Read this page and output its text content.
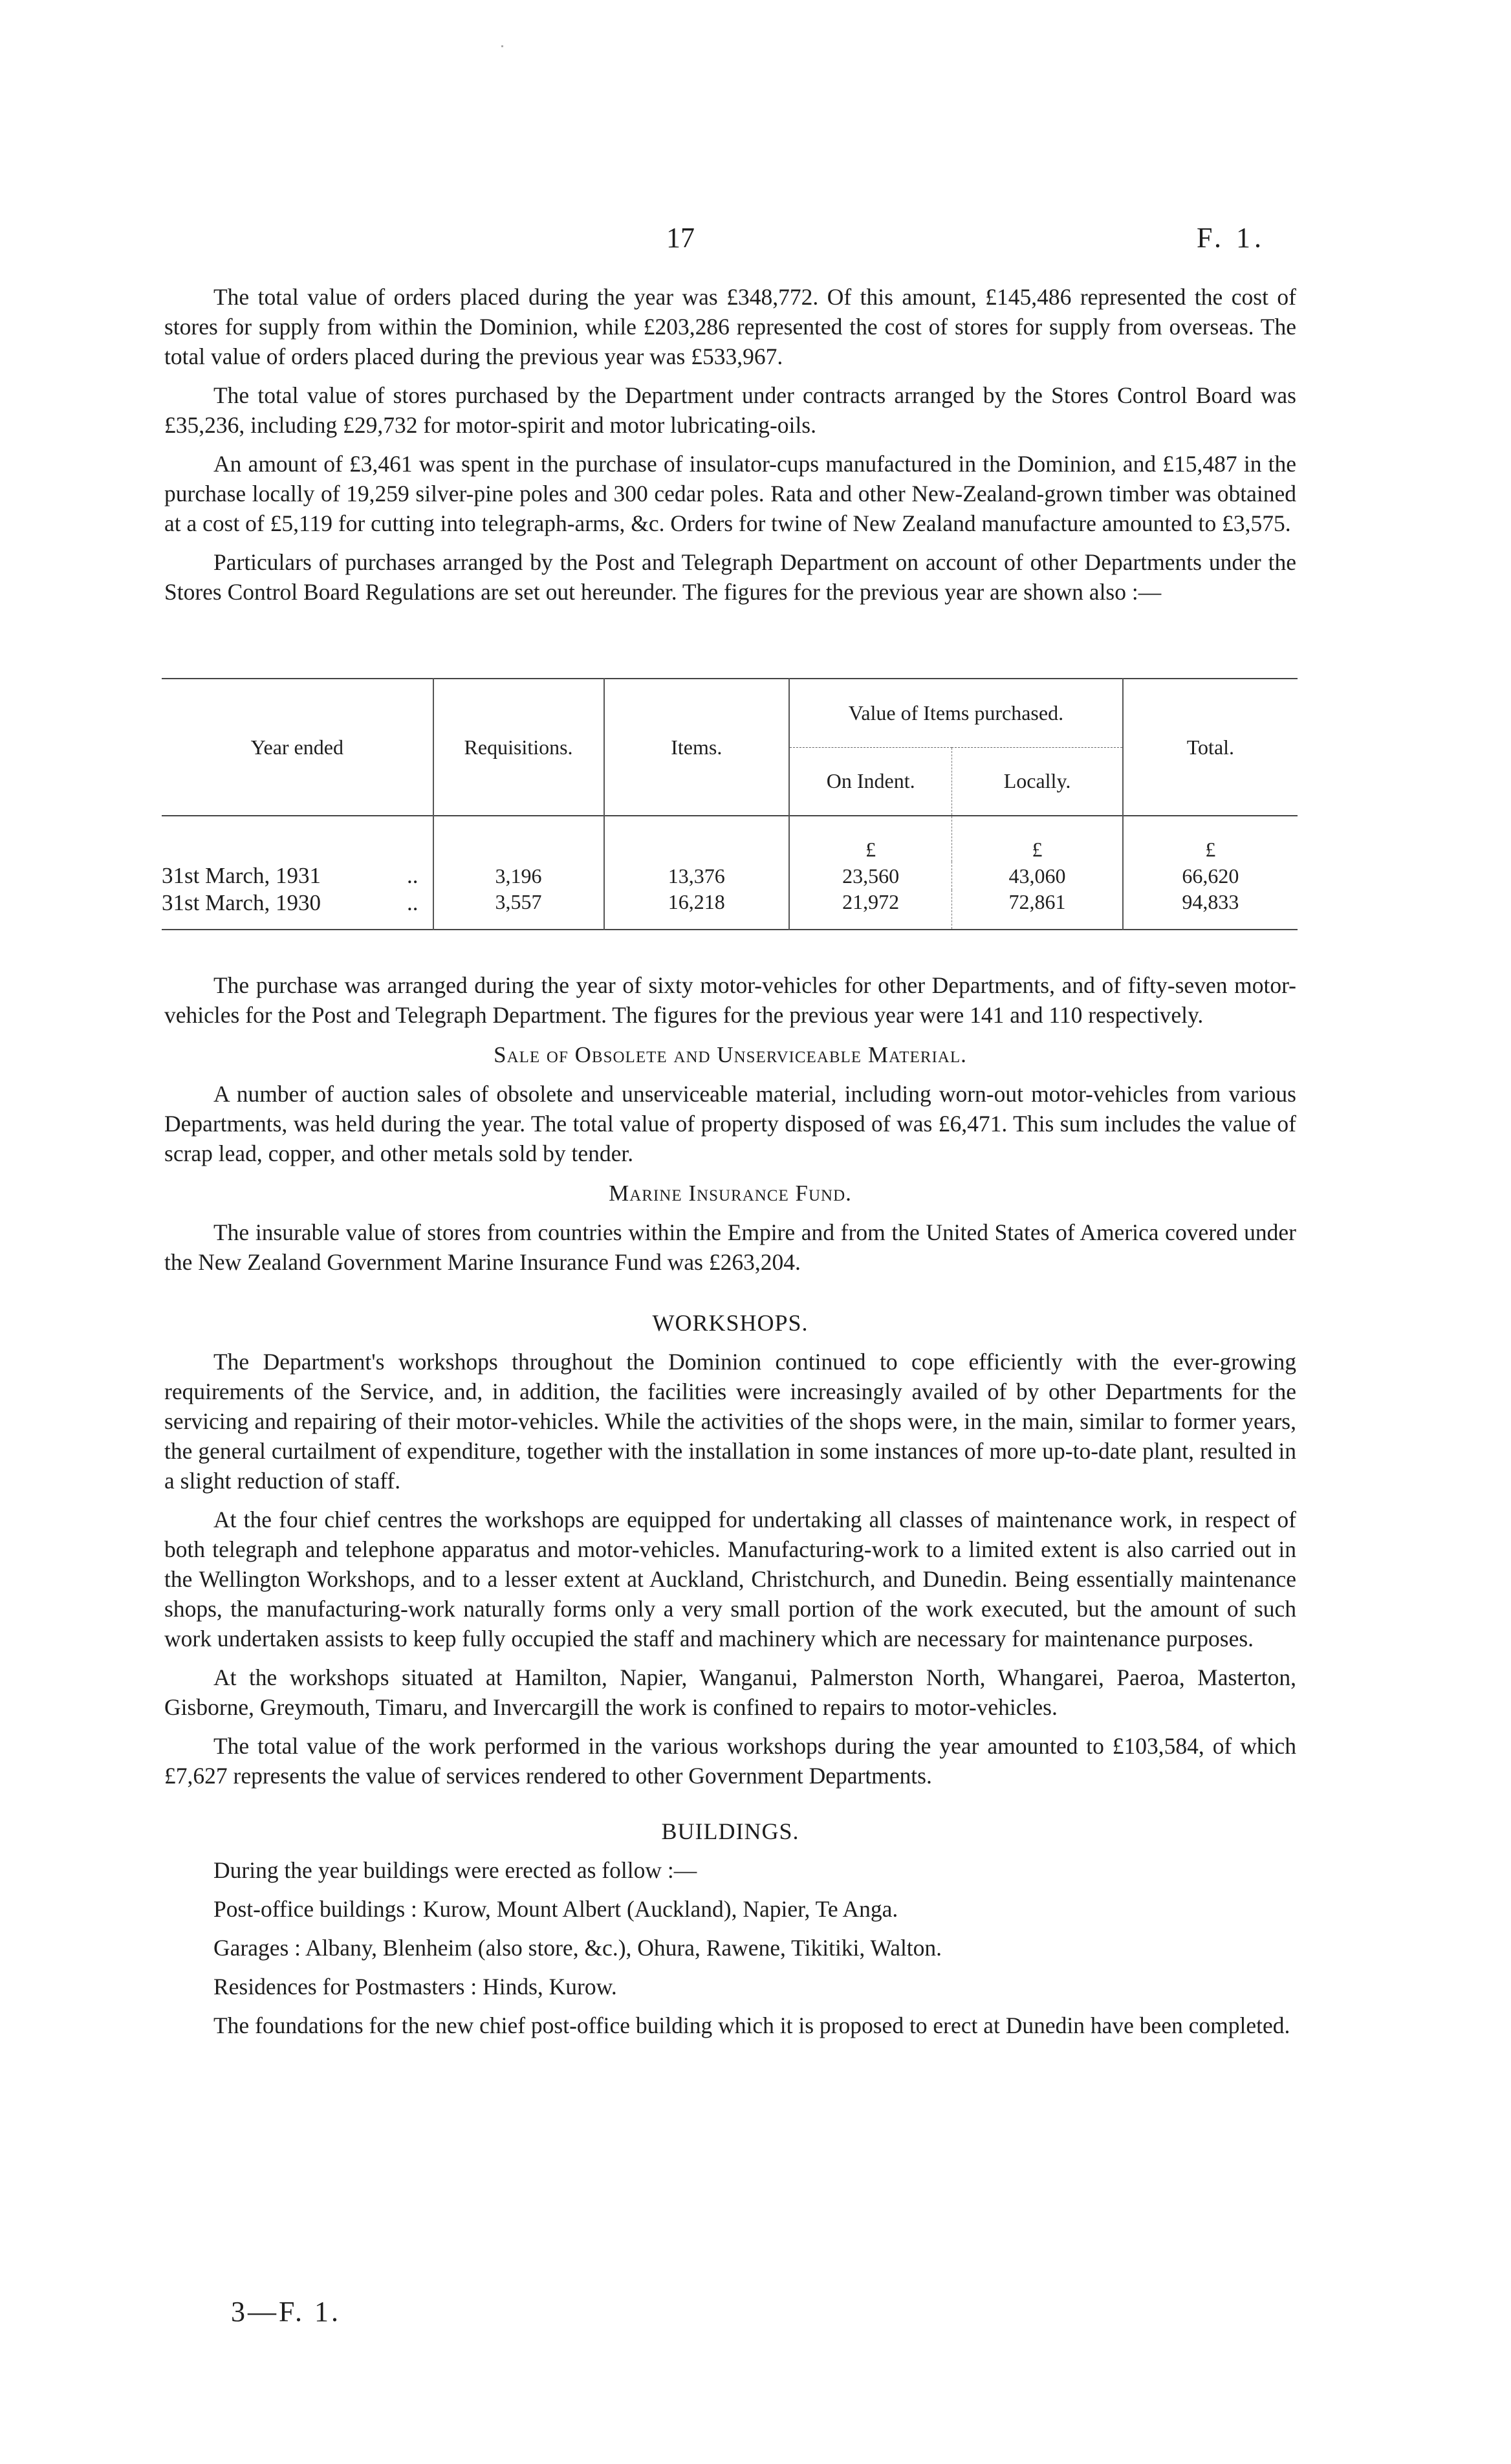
17	F. 1.

The total value of orders placed during the year was £348,772. Of this amount, £145,486 represented the cost of stores for supply from within the Dominion, while £203,286 represented the cost of stores for supply from overseas. The total value of orders placed during the previous year was £533,967.

The total value of stores purchased by the Department under contracts arranged by the Stores Control Board was £35,236, including £29,732 for motor-spirit and motor lubricating-oils.

An amount of £3,461 was spent in the purchase of insulator-cups manufactured in the Dominion, and £15,487 in the purchase locally of 19,259 silver-pine poles and 300 cedar poles. Rata and other New-Zealand-grown timber was obtained at a cost of £5,119 for cutting into telegraph-arms, &c. Orders for twine of New Zealand manufacture amounted to £3,575.

Particulars of purchases arranged by the Post and Telegraph Department on account of other Departments under the Stores Control Board Regulations are set out hereunder. The figures for the previous year are shown also :—

Year ended	Requisitions.	Items.	Value of Items purchased.		Total.
			On Indent.	Locally.	
			£	£	£
31st March, 1931 ..	3,196	13,376	23,560	43,060	66,620
31st March, 1930 ..	3,557	16,218	21,972	72,861	94,833

The purchase was arranged during the year of sixty motor-vehicles for other Departments, and of fifty-seven motor-vehicles for the Post and Telegraph Department. The figures for the previous year were 141 and 110 respectively.

Sale of Obsolete and Unserviceable Material.

A number of auction sales of obsolete and unserviceable material, including worn-out motor-vehicles from various Departments, was held during the year. The total value of property disposed of was £6,471. This sum includes the value of scrap lead, copper, and other metals sold by tender.

Marine Insurance Fund.

The insurable value of stores from countries within the Empire and from the United States of America covered under the New Zealand Government Marine Insurance Fund was £263,204.

WORKSHOPS.

The Department's workshops throughout the Dominion continued to cope efficiently with the ever-growing requirements of the Service, and, in addition, the facilities were increasingly availed of by other Departments for the servicing and repairing of their motor-vehicles. While the activities of the shops were, in the main, similar to former years, the general curtailment of expenditure, together with the installation in some instances of more up-to-date plant, resulted in a slight reduction of staff.

At the four chief centres the workshops are equipped for undertaking all classes of maintenance work, in respect of both telegraph and telephone apparatus and motor-vehicles. Manufacturing-work to a limited extent is also carried out in the Wellington Workshops, and to a lesser extent at Auckland, Christchurch, and Dunedin. Being essentially maintenance shops, the manufacturing-work naturally forms only a very small portion of the work executed, but the amount of such work undertaken assists to keep fully occupied the staff and machinery which are necessary for maintenance purposes.

At the workshops situated at Hamilton, Napier, Wanganui, Palmerston North, Whangarei, Paeroa, Masterton, Gisborne, Greymouth, Timaru, and Invercargill the work is confined to repairs to motor-vehicles.

The total value of the work performed in the various workshops during the year amounted to £103,584, of which £7,627 represents the value of services rendered to other Government Departments.

BUILDINGS.
During the year buildings were erected as follow :—
Post-office buildings : Kurow, Mount Albert (Auckland), Napier, Te Anga.
Garages : Albany, Blenheim (also store, &c.), Ohura, Rawene, Tikitiki, Walton.
Residences for Postmasters : Hinds, Kurow.

The foundations for the new chief post-office building which it is proposed to erect at Dunedin have been completed.

3—F. 1.
